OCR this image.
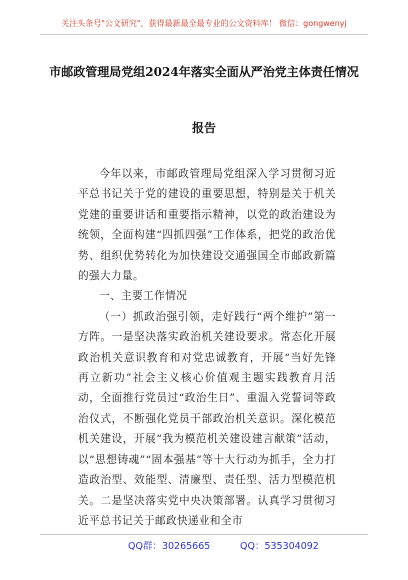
关注头条号"公文研究"，获得最新最全最专业的公文资料库！ 微信：gongwenyj
市邮政管理局党组2024年落实全面从严治党主体责任情况
报告

今年以来，市邮政管理局党组深入学习贯彻习近平总书记关于党的建设的重要思想，特别是关于机关党建的重要讲话和重要指示精神，以党的政治建设为统领，全面构建“四抓四强”工作体系，把党的政治优势、组织优势转化为加快建设交通强国全市邮政新篇的强大力量。

一、主要工作情况

（一）抓政治强引领，走好践行“两个维护”第一方阵。一是坚决落实政治机关建设要求。常态化开展政治机关意识教育和对党忠诚教育，开展“当好先锋再立新功”社会主义核心价值观主题实践教育月活动，全面推行党员过“政治生日”、重温入党誓词等政治仪式，不断强化党员干部政治机关意识。深化模范机关建设，开展“我为模范机关建设建言献策”活动，以“思想铸魂”“固本强基”等十大行动为抓手，全力打造政治型、效能型、清廉型、责任型、活力型模范机关。二是坚决落实党中央决策部署。认真学习贯彻习近平总书记关于邮政快递业和全市

QQ群：30265665	QQ：535304092
